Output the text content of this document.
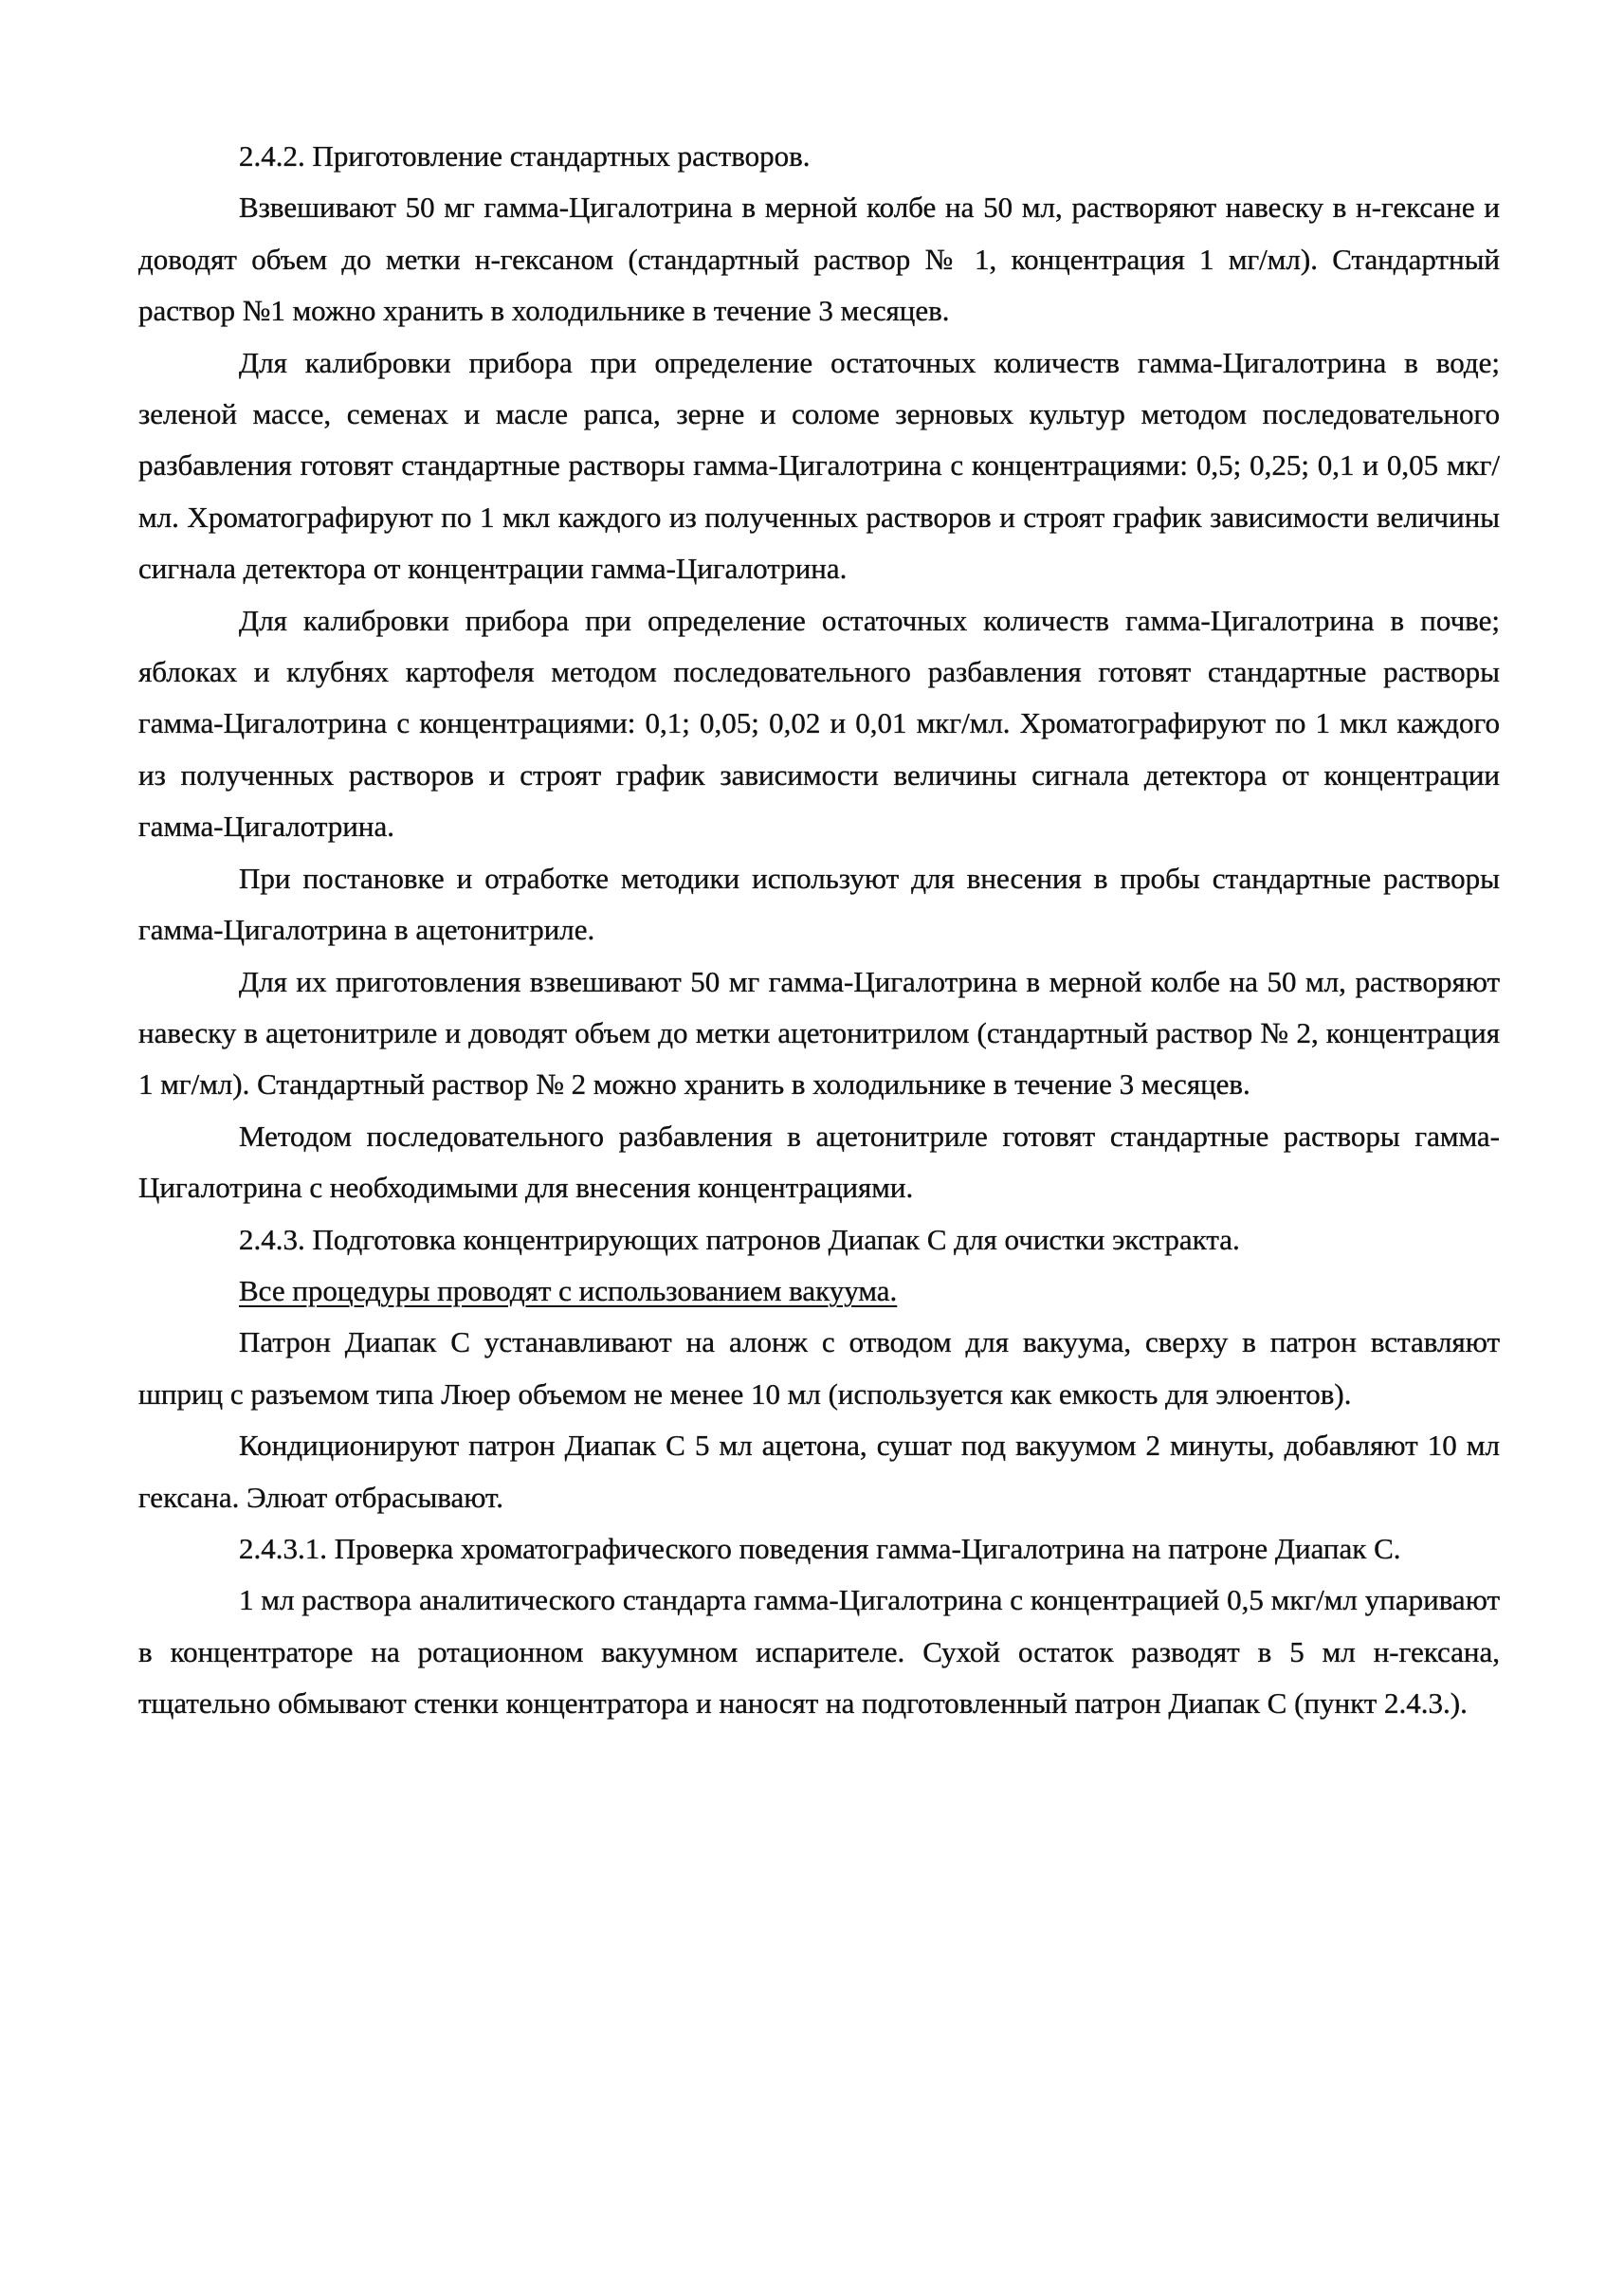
2.4.2. Приготовление стандартных растворов.

Взвешивают 50 мг гамма-Цигалотрина в мерной колбе на 50 мл, растворяют навеску в н-гексане и доводят объем до метки н-гексаном (стандартный раствор № 1, концентрация 1 мг/мл). Стандартный раствор №1 можно хранить в холодильнике в течение 3 месяцев.

Для калибровки прибора при определение остаточных количеств гамма-Цигалотрина в воде; зеленой массе, семенах и масле рапса, зерне и соломе зерновых культур методом последовательного разбавления готовят стандартные растворы гамма-Цигалотрина с концентрациями: 0,5; 0,25; 0,1 и 0,05 мкг/мл. Хроматографируют по 1 мкл каждого из полученных растворов и строят график зависимости величины сигнала детектора от концентрации гамма-Цигалотрина.

Для калибровки прибора при определение остаточных количеств гамма-Цигалотрина в почве; яблоках и клубнях картофеля методом последовательного разбавления готовят стандартные растворы гамма-Цигалотрина с концентрациями: 0,1; 0,05; 0,02 и 0,01 мкг/мл. Хроматографируют по 1 мкл каждого из полученных растворов и строят график зависимости величины сигнала детектора от концентрации гамма-Цигалотрина.

При постановке и отработке методики используют для внесения в пробы стандартные растворы гамма-Цигалотрина в ацетонитриле.

Для их приготовления взвешивают 50 мг гамма-Цигалотрина в мерной колбе на 50 мл, растворяют навеску в ацетонитриле и доводят объем до метки ацетонитрилом (стандартный раствор № 2, концентрация 1 мг/мл). Стандартный раствор № 2 можно хранить в холодильнике в течение 3 месяцев.

Методом последовательного разбавления в ацетонитриле готовят стандартные растворы гамма-Цигалотрина с необходимыми для внесения концентрациями.

2.4.3. Подготовка концентрирующих патронов Диапак С для очистки экстракта.

Все процедуры проводят с использованием вакуума.

Патрон Диапак С устанавливают на алонж с отводом для вакуума, сверху в патрон вставляют шприц с разъемом типа Люер объемом не менее 10 мл (используется как емкость для элюентов).

Кондиционируют патрон Диапак С 5 мл ацетона, сушат под вакуумом 2 минуты, добавляют 10 мл гексана. Элюат отбрасывают.

2.4.3.1. Проверка хроматографического поведения гамма-Цигалотрина на патроне Диапак С.

1 мл раствора аналитического стандарта гамма-Цигалотрина с концентрацией 0,5 мкг/мл упаривают в концентраторе на ротационном вакуумном испарителе. Сухой остаток разводят в 5 мл н-гексана, тщательно обмывают стенки концентратора и наносят на подготовленный патрон Диапак С (пункт 2.4.3.).
